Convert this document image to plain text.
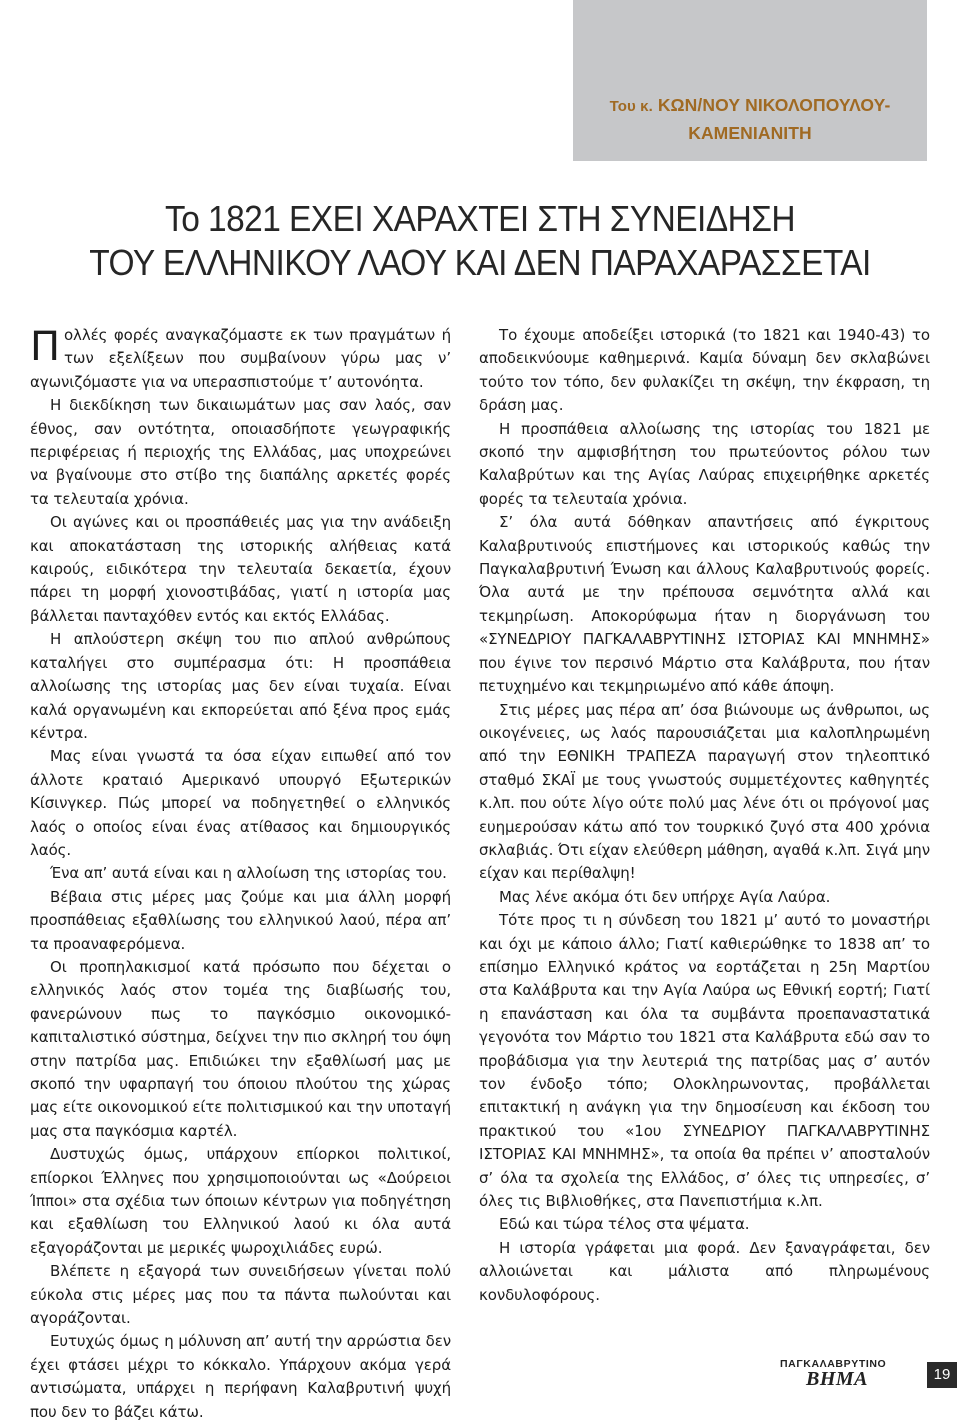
Του κ. ΚΩΝ/ΝΟΥ ΝΙΚΟΛΟΠΟΥΛΟΥ-
ΚΑΜΕΝΙΑΝΙΤΗ
Το 1821 ΕΧΕΙ ΧΑΡΑΧΤΕΙ ΣΤΗ ΣΥΝΕΙΔΗΣΗ
ΤΟΥ ΕΛΛΗΝΙΚΟΥ ΛΑΟΥ ΚΑΙ ΔΕΝ ΠΑΡΑΧΑΡΑΣΣΕΤΑΙ

Πολλές φορές αναγκαζόμαστε εκ των πραγμάτων ή των εξελίξεων που συμβαίνουν γύρω μας ν’ αγωνιζόμαστε για να υπερασπιστούμε τ’ αυτονόητα.

Η διεκδίκηση των δικαιωμάτων μας σαν λαός, σαν έθνος, σαν οντότητα, οποιασδήποτε γεωγραφικής περιφέρειας ή περιοχής της Ελλάδας, μας υποχρεώνει να βγαίνουμε στο στίβο της διαπάλης αρκετές φορές τα τελευταία χρόνια.

Οι αγώνες και οι προσπάθειές μας για την ανάδειξη και αποκατάσταση της ιστορικής αλήθειας κατά καιρούς, ειδικότερα την τελευταία δεκαετία, έχουν πάρει τη μορφή χιονοστιβάδας, γιατί η ιστορία μας βάλλεται πανταχόθεν εντός και εκτός Ελλάδας.

Η απλούστερη σκέψη του πιο απλού ανθρώπους καταλήγει στο συμπέρασμα ότι: Η προσπάθεια αλλοίωσης της ιστορίας μας δεν είναι τυχαία. Είναι καλά οργανωμένη και εκπορεύεται από ξένα προς εμάς κέντρα.

Μας είναι γνωστά τα όσα είχαν ειπωθεί από τον άλλοτε κραταιό Αμερικανό υπουργό Εξωτερικών Κίσινγκερ. Πώς μπορεί να ποδηγετηθεί ο ελληνικός λαός ο οποίος είναι ένας ατίθασος και δημιουργικός λαός.

Ένα απ’ αυτά είναι και η αλλοίωση της ιστορίας του.

Βέβαια στις μέρες μας ζούμε και μια άλλη μορφή προσπάθειας εξαθλίωσης του ελληνικού λαού, πέρα απ’ τα προαναφερόμενα.

Οι προπηλακισμοί κατά πρόσωπο που δέχεται ο ελληνικός λαός στον τομέα της διαβίωσής του, φανερώνουν πως το παγκόσμιο οικονομικό-καπιταλιστικό σύστημα, δείχνει την πιο σκληρή του όψη στην πατρίδα μας. Επιδιώκει την εξαθλίωσή μας με σκοπό την υφαρπαγή του όποιου πλούτου της χώρας μας είτε οικονομικού είτε πολιτισμικού και την υποταγή μας στα παγκόσμια καρτέλ.

Δυστυχώς όμως, υπάρχουν επίορκοι πολιτικοί, επίορκοι Έλληνες που χρησιμοποιούνται ως «Δούρειοι Ίπποι» στα σχέδια των όποιων κέντρων για ποδηγέτηση και εξαθλίωση του Ελληνικού λαού κι όλα αυτά εξαγοράζονται με μερικές ψωροχιλιάδες ευρώ.

Βλέπετε η εξαγορά των συνειδήσεων γίνεται πολύ εύκολα στις μέρες μας που τα πάντα πωλούνται και αγοράζονται.

Ευτυχώς όμως η μόλυνση απ’ αυτή την αρρώστια δεν έχει φτάσει μέχρι το κόκκαλο. Υπάρχουν ακόμα γερά αντισώματα, υπάρχει η περήφανη Καλαβρυτινή ψυχή που δεν το βάζει κάτω.

Το έχουμε αποδείξει ιστορικά (το 1821 και 1940-43) το αποδεικνύουμε καθημερινά. Καμία δύναμη δεν σκλαβώνει τούτο τον τόπο, δεν φυλακίζει τη σκέψη, την έκφραση, τη δράση μας.

Η προσπάθεια αλλοίωσης της ιστορίας του 1821 με σκοπό την αμφισβήτηση του πρωτεύοντος ρόλου των Καλαβρύτων και της Αγίας Λαύρας επιχειρήθηκε αρκετές φορές τα τελευταία χρόνια.

Σ’ όλα αυτά δόθηκαν απαντήσεις από έγκριτους Καλαβρυτινούς επιστήμονες και ιστορικούς καθώς την Παγκαλαβρυτινή Ένωση και άλλους Καλαβρυτινούς φορείς. Όλα αυτά με την πρέπουσα σεμνότητα αλλά και τεκμηρίωση. Αποκορύφωμα ήταν η διοργάνωση του «ΣΥΝΕΔΡΙΟΥ ΠΑΓΚΑΛΑΒΡΥΤΙΝΗΣ ΙΣΤΟΡΙΑΣ ΚΑΙ ΜΝΗΜΗΣ» που έγινε τον περσινό Μάρτιο στα Καλάβρυτα, που ήταν πετυχημένο και τεκμηριωμένο από κάθε άποψη.

Στις μέρες μας πέρα απ’ όσα βιώνουμε ως άνθρωποι, ως οικογένειες, ως λαός παρουσιάζεται μια καλοπληρωμένη από την ΕΘΝΙΚΗ ΤΡΑΠΕΖΑ παραγωγή στον τηλεοπτικό σταθμό ΣΚΑΪ με τους γνωστούς συμμετέχοντες καθηγητές κ.λπ. που ούτε λίγο ούτε πολύ μας λένε ότι οι πρόγονοί μας ευημερούσαν κάτω από τον τουρκικό ζυγό στα 400 χρόνια σκλαβιάς. Ότι είχαν ελεύθερη μάθηση, αγαθά κ.λπ. Σιγά μην είχαν και περίθαλψη!

Μας λένε ακόμα ότι δεν υπήρχε Αγία Λαύρα.

Τότε προς τι η σύνδεση του 1821 μ’ αυτό το μοναστήρι και όχι με κάποιο άλλο; Γιατί καθιερώθηκε το 1838 απ’ το επίσημο Ελληνικό κράτος να εορτάζεται η 25η Μαρτίου στα Καλάβρυτα και την Αγία Λαύρα ως Εθνική εορτή; Γιατί η επανάσταση και όλα τα συμβάντα προεπαναστατικά γεγονότα τον Μάρτιο του 1821 στα Καλάβρυτα εδώ σαν το προβάδισμα για την λευτεριά της πατρίδας μας σ’ αυτόν τον ένδοξο τόπο; Ολοκληρωνοντας, προβάλλεται επιτακτική η ανάγκη για την δημοσίευση και έκδοση του πρακτικού του «1ου ΣΥΝΕΔΡΙΟΥ ΠΑΓΚΑΛΑΒΡΥΤΙΝΗΣ ΙΣΤΟΡΙΑΣ ΚΑΙ ΜΝΗΜΗΣ», τα οποία θα πρέπει ν’ αποσταλούν σ’ όλα τα σχολεία της Ελλάδος, σ’ όλες τις υπηρεσίες, σ’ όλες τις Βιβλιοθήκες, στα Πανεπιστήμια κ.λπ.

Εδώ και τώρα τέλος στα ψέματα.

Η ιστορία γράφεται μια φορά. Δεν ξαναγράφεται, δεν αλλοιώνεται και μάλιστα από πληρωμένους κονδυλοφόρους.

ΠΑΓΚΑΛΑΒΡΥΤΙΝΟ
ΒΗΜΑ	19
